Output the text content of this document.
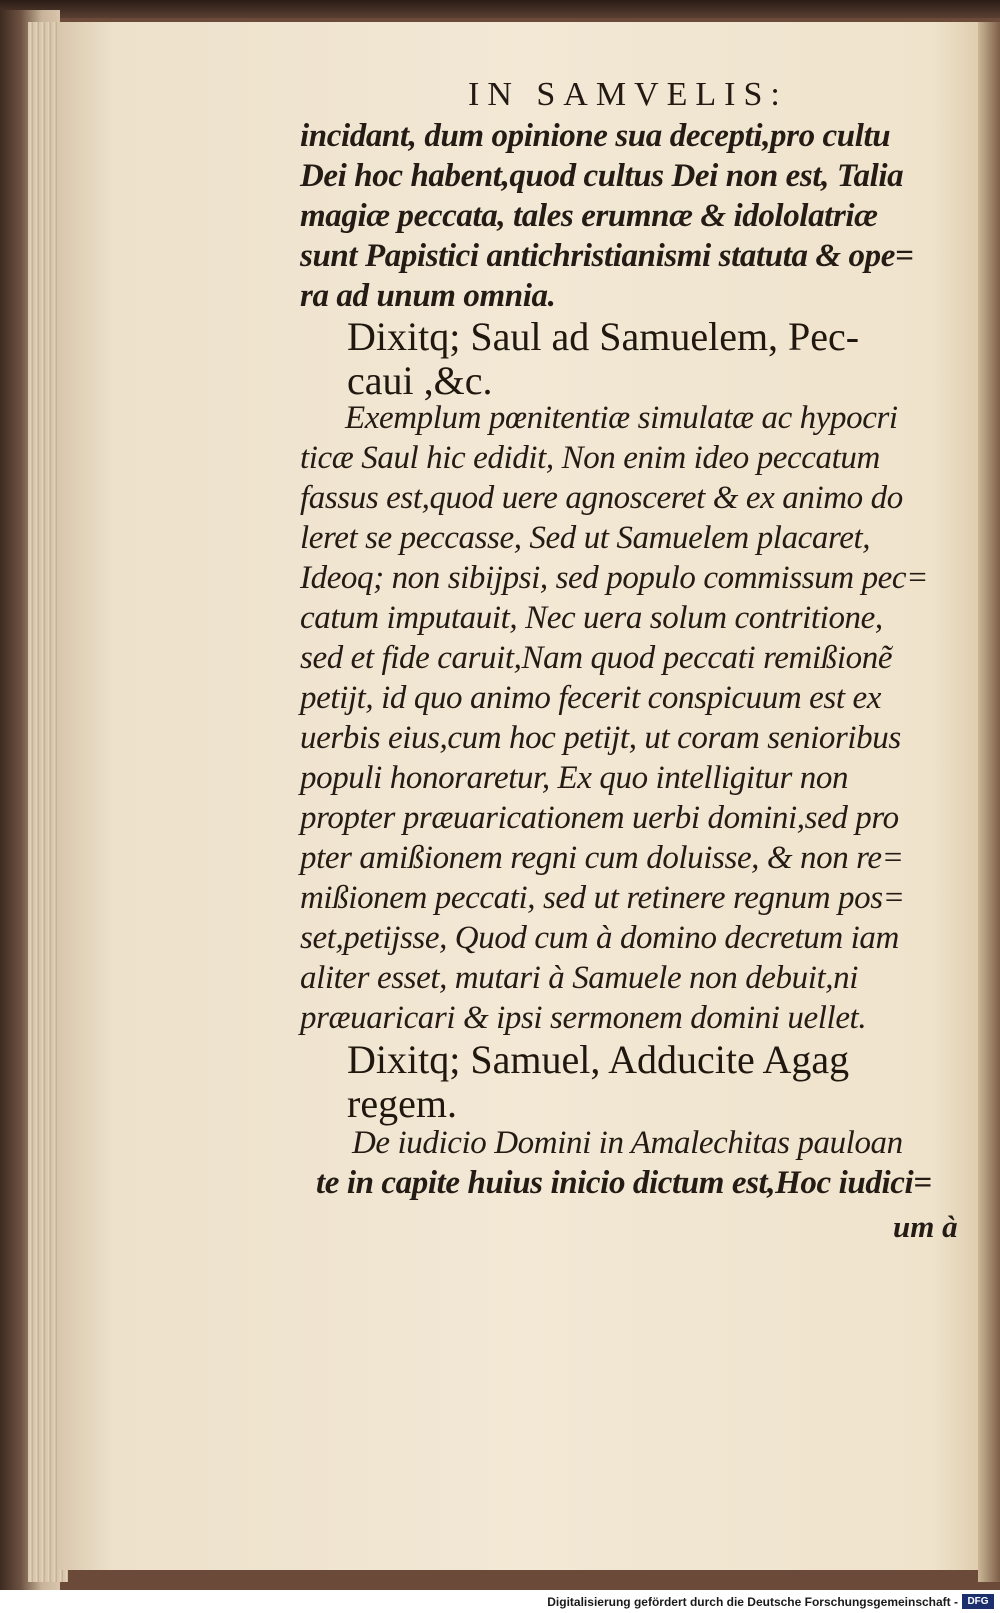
IN SAMVELIS:
incidant, dum opinione sua decepti,pro cultu
Dei hoc habent,quod cultus Dei non est, Talia
magiæ peccata, tales erumnæ & idololatriæ
sunt Papistici antichristianismi statuta & ope=
ra ad unum omnia.
Dixitq; Saul ad Samuelem, Pec-
caui ,&c.
Exemplum pœnitentiæ simulatæ ac hypocri
ticæ Saul hic edidit, Non enim ideo peccatum
fassus est,quod uere agnosceret & ex animo do
leret se peccasse, Sed ut Samuelem placaret,
Ideoq; non sibijpsi, sed populo commissum pec=
catum imputauit, Nec uera solum contritione,
sed et fide caruit,Nam quod peccati remißionẽ
petijt, id quo animo fecerit conspicuum est ex
uerbis eius,cum hoc petijt, ut coram senioribus
populi honoraretur, Ex quo intelligitur non
propter præuaricationem uerbi domini,sed pro
pter amißionem regni cum doluisse, & non re=
mißionem peccati, sed ut retinere regnum pos=
set,petijsse, Quod cum à domino decretum iam
aliter esset, mutari à Samuele non debuit,ni
præuaricari & ipsi sermonem domini uellet.
Dixitq; Samuel, Adducite Agag
regem.
De iudicio Domini in Amalechitas pauloan
te in capite huius inicio dictum est,Hoc iudici=
um à
Digitalisierung gefördert durch die Deutsche Forschungsgemeinschaft - DFG
